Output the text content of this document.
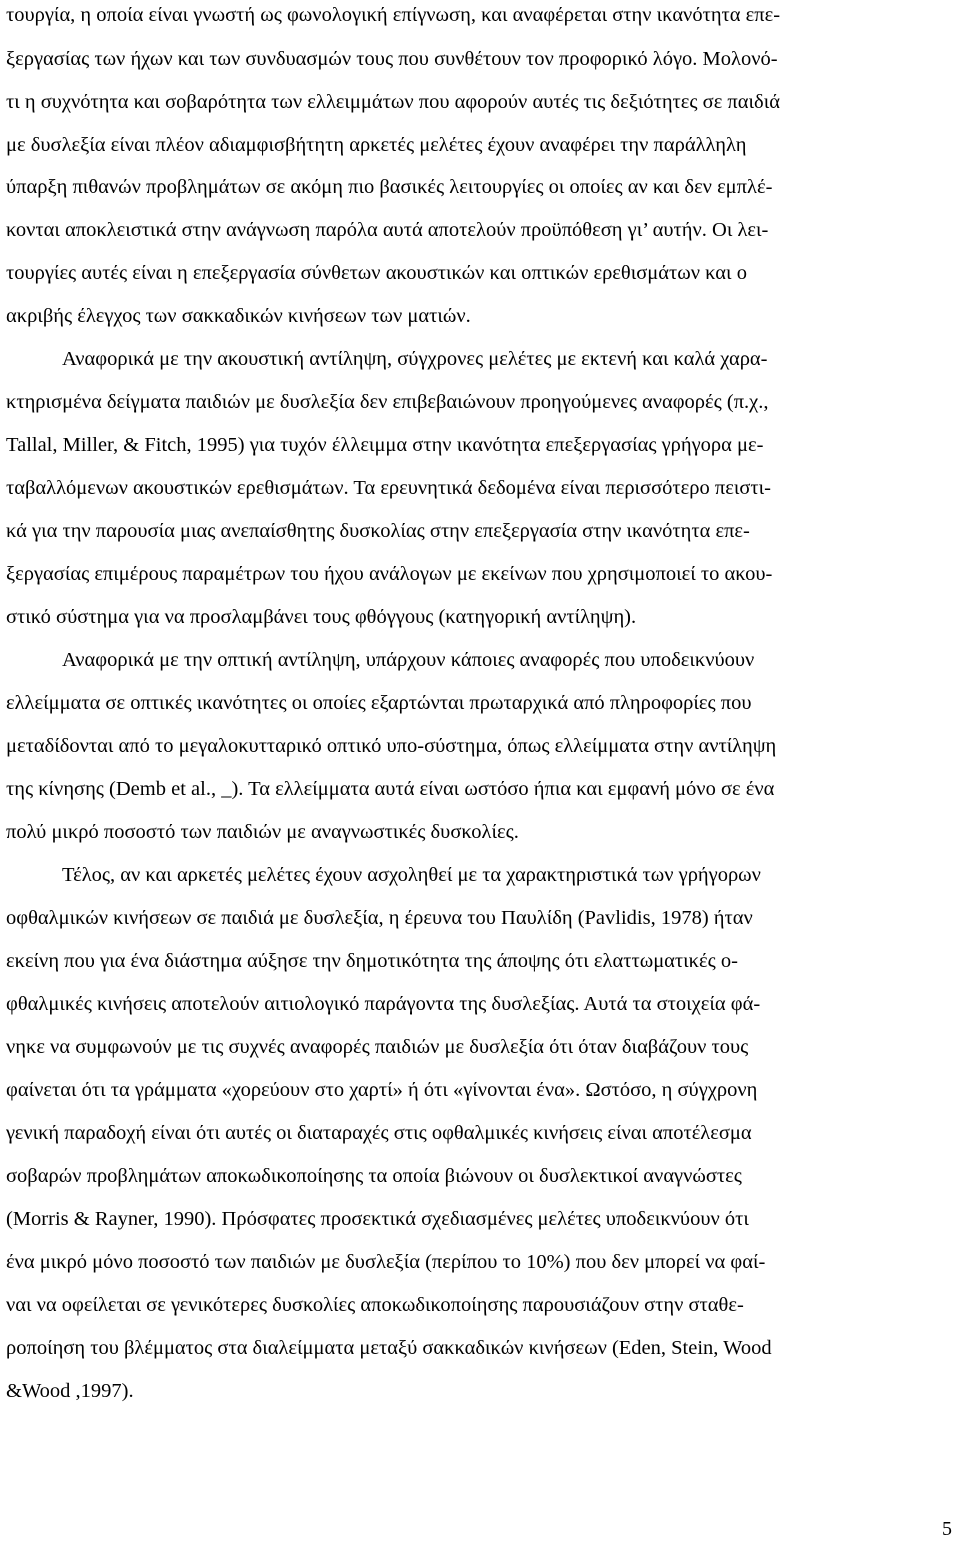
τουργία, η οποία είναι γνωστή ως φωνολογική επίγνωση, και αναφέρεται στην ικανότητα επε-
ξεργασίας των ήχων και των συνδυασμών τους που συνθέτουν τον προφορικό λόγο. Μολονό-
τι η συχνότητα και σοβαρότητα των ελλειμμάτων που αφορούν αυτές τις δεξιότητες σε παιδιά
με δυσλεξία είναι πλέον αδιαμφισβήτητη αρκετές μελέτες έχουν αναφέρει την παράλληλη
ύπαρξη πιθανών προβλημάτων σε ακόμη πιο βασικές λειτουργίες οι οποίες αν και δεν εμπλέ-
κονται αποκλειστικά στην ανάγνωση παρόλα αυτά αποτελούν προϋπόθεση γι’ αυτήν. Οι λει-
τουργίες αυτές είναι η επεξεργασία σύνθετων ακουστικών και οπτικών ερεθισμάτων και ο
ακριβής έλεγχος των σακκαδικών κινήσεων των ματιών.
Αναφορικά με την ακουστική αντίληψη, σύγχρονες μελέτες με εκτενή και καλά χαρα-
κτηρισμένα δείγματα παιδιών με δυσλεξία δεν επιβεβαιώνουν προηγούμενες αναφορές (π.χ.,
Tallal, Miller, & Fitch, 1995) για τυχόν έλλειμμα στην ικανότητα επεξεργασίας γρήγορα με-
ταβαλλόμενων ακουστικών ερεθισμάτων. Τα ερευνητικά δεδομένα είναι περισσότερο πειστι-
κά για την παρουσία μιας ανεπαίσθητης δυσκολίας στην επεξεργασία στην ικανότητα επε-
ξεργασίας επιμέρους παραμέτρων του ήχου ανάλογων με εκείνων που χρησιμοποιεί το ακου-
στικό σύστημα για να προσλαμβάνει τους φθόγγους (κατηγορική αντίληψη).
Αναφορικά με την οπτική αντίληψη, υπάρχουν κάποιες αναφορές που υποδεικνύουν
ελλείμματα σε οπτικές ικανότητες οι οποίες εξαρτώνται πρωταρχικά από πληροφορίες που
μεταδίδονται από το μεγαλοκυτταρικό οπτικό υπο-σύστημα, όπως ελλείμματα στην αντίληψη
της κίνησης (Demb et al., _). Τα ελλείμματα αυτά είναι ωστόσο ήπια και εμφανή μόνο σε ένα
πολύ μικρό ποσοστό των παιδιών με αναγνωστικές δυσκολίες.
Τέλος, αν και αρκετές μελέτες έχουν ασχοληθεί με τα χαρακτηριστικά των γρήγορων
οφθαλμικών κινήσεων σε παιδιά με δυσλεξία, η έρευνα του Παυλίδη (Pavlidis, 1978) ήταν
εκείνη που για ένα διάστημα αύξησε την δημοτικότητα της άποψης ότι ελαττωματικές ο-
φθαλμικές κινήσεις αποτελούν αιτιολογικό παράγοντα της δυσλεξίας. Αυτά τα στοιχεία φά-
νηκε να συμφωνούν με τις συχνές αναφορές παιδιών με δυσλεξία ότι όταν διαβάζουν τους
φαίνεται ότι τα γράμματα «χορεύουν στο χαρτί» ή ότι «γίνονται ένα». Ωστόσο, η σύγχρονη
γενική παραδοχή είναι ότι αυτές οι διαταραχές στις οφθαλμικές κινήσεις είναι αποτέλεσμα
σοβαρών προβλημάτων αποκωδικοποίησης τα οποία βιώνουν οι δυσλεκτικοί αναγνώστες
(Morris & Rayner, 1990). Πρόσφατες προσεκτικά σχεδιασμένες μελέτες υποδεικνύουν ότι
ένα μικρό μόνο ποσοστό των παιδιών με δυσλεξία (περίπου το 10%) που δεν μπορεί να φαί-
ναι να οφείλεται σε γενικότερες δυσκολίες αποκωδικοποίησης παρουσιάζουν στην σταθε-
ροποίηση του βλέμματος στα διαλείμματα μεταξύ σακκαδικών κινήσεων (Eden, Stein, Wood
&Wood ,1997).
5
